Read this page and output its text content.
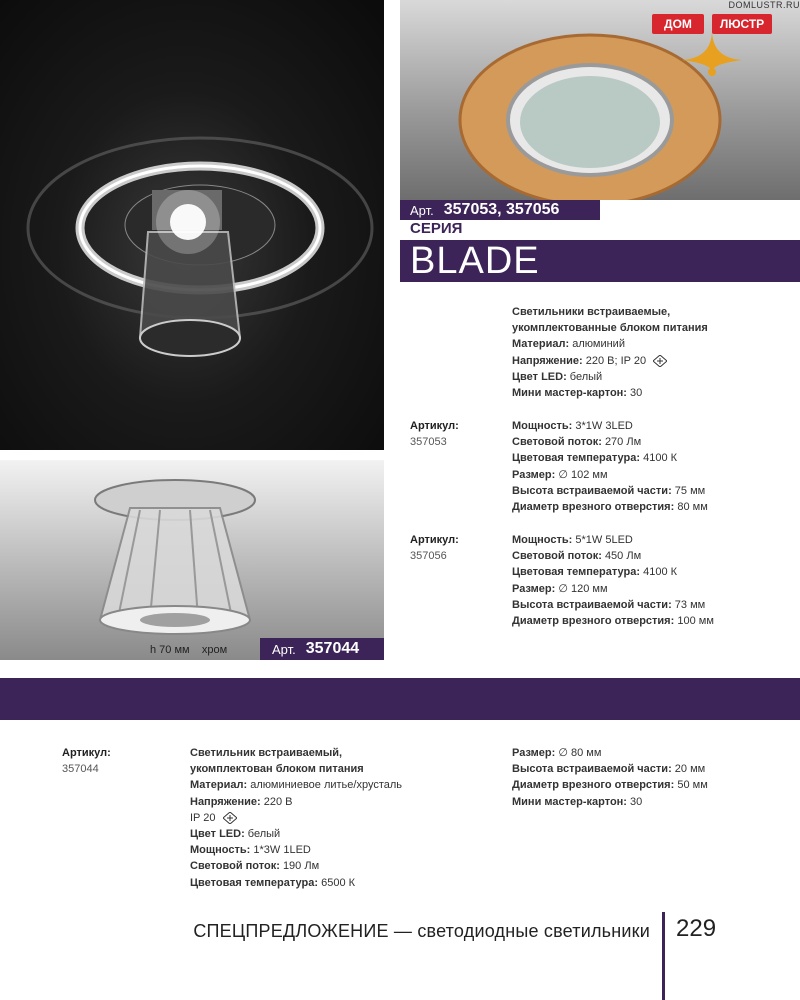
DOMLUSTR.RU
ДОМ	ЛЮСТР
Арт. 357053, 357056	золото
СЕРИЯ
BLADE
Светильники встраиваемые,
укомплектованные блоком питания
Материал: алюминий
Напряжение: 220 В; IP 20
Цвет LED: белый
Мини мастер-картон: 30
Артикул:
357053
Мощность: 3*1W 3LED
Световой поток: 270 Лм
Цветовая температура: 4100 К
Размер: ∅ 102 мм
Высота встраиваемой части: 75 мм
Диаметр врезного отверстия: 80 мм
Артикул:
357056
Мощность: 5*1W 5LED
Световой поток: 450 Лм
Цветовая температура: 4100 К
Размер: ∅ 120 мм
Высота встраиваемой части: 73 мм
Диаметр врезного отверстия: 100 мм
h 70 мм хром	Арт. 357044
Артикул:
357044
Светильник встраиваемый,
укомплектован блоком питания
Материал: алюминиевое литье/хрусталь
Напряжение: 220 В
IP 20
Цвет LED: белый
Мощность: 1*3W 1LED
Световой поток: 190 Лм
Цветовая температура: 6500 К
Размер: ∅ 80 мм
Высота встраиваемой части: 20 мм
Диаметр врезного отверстия: 50 мм
Мини мастер-картон: 30
СПЕЦПРЕДЛОЖЕНИЕ — светодиодные светильники 229
